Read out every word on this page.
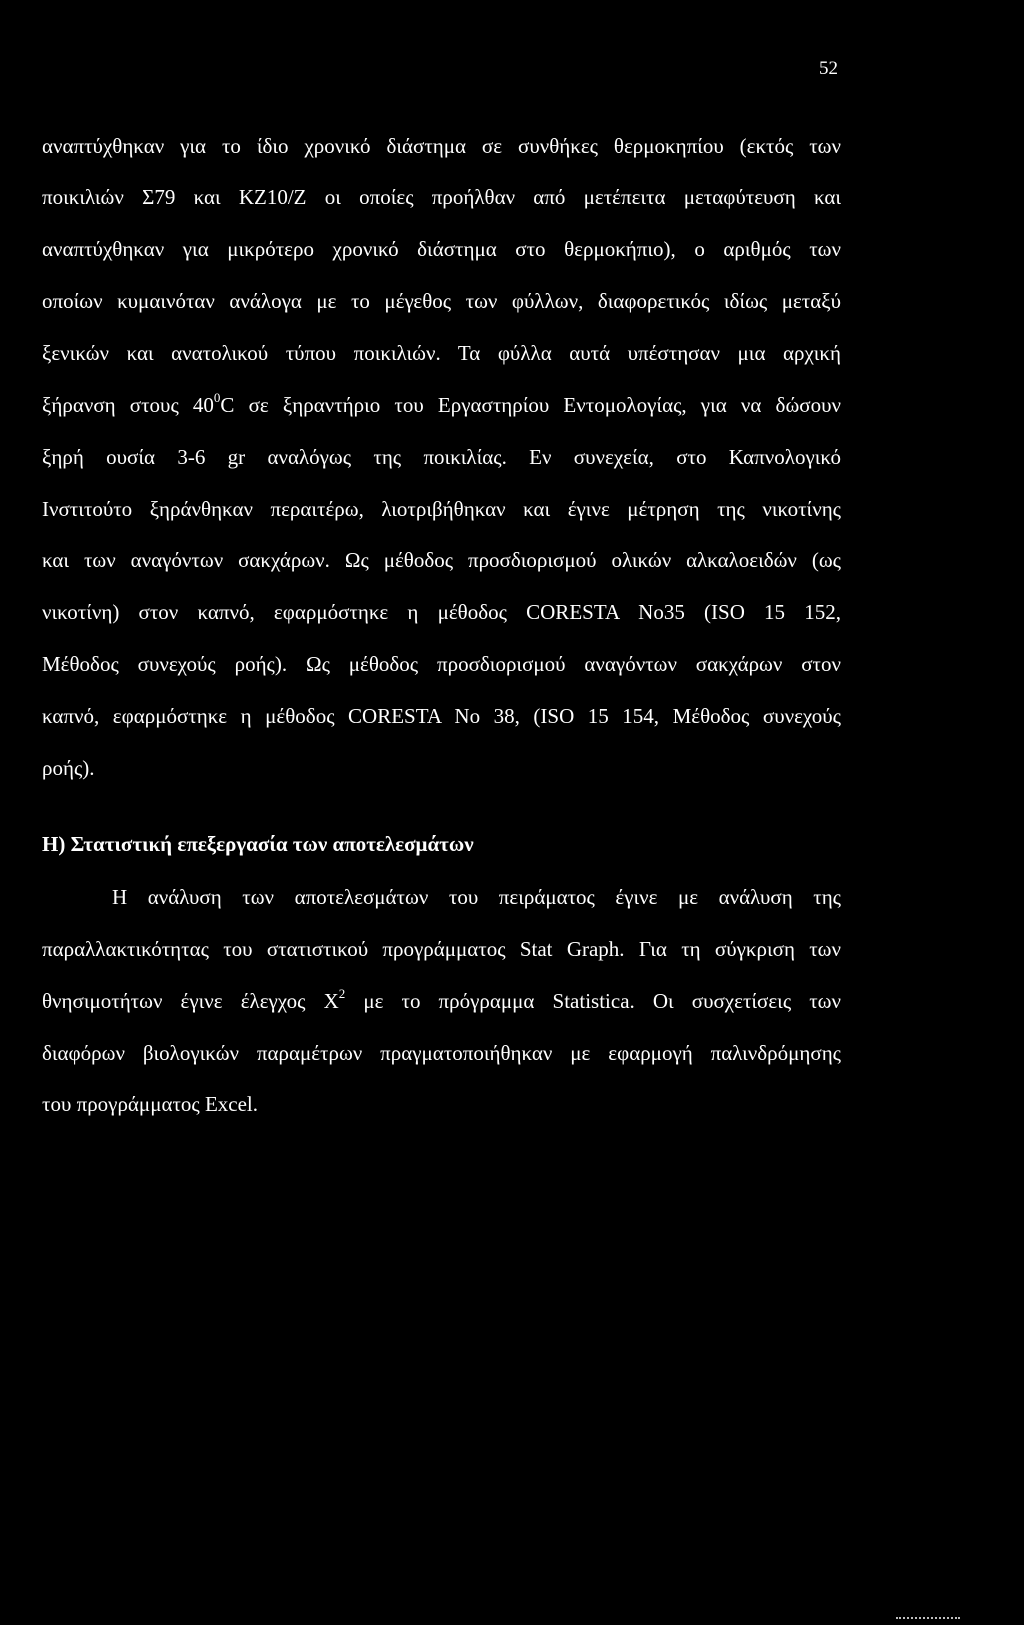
52
αναπτύχθηκαν για το ίδιο χρονικό διάστημα σε συνθήκες θερμοκηπίου (εκτός των
ποικιλιών Σ79 και ΚΖ10/Ζ οι οποίες προήλθαν από μετέπειτα μεταφύτευση και
αναπτύχθηκαν για μικρότερο χρονικό διάστημα στο θερμοκήπιο), ο αριθμός των
οποίων κυμαινόταν ανάλογα με το μέγεθος των φύλλων, διαφορετικός ιδίως μεταξύ
ξενικών και ανατολικού τύπου ποικιλιών. Τα φύλλα αυτά υπέστησαν μια αρχική
ξήρανση στους $40^0C$ σε ξηραντήριο του Εργαστηρίου Εντομολογίας, για να δώσουν
ξηρή ουσία 3-6 gr αναλόγως της ποικιλίας. Εν συνεχεία, στο Καπνολογικό
Ινστιτούτο ξηράνθηκαν περαιτέρω, λιοτριβήθηκαν και έγινε μέτρηση της νικοτίνης
και των αναγόντων σακχάρων. Ως μέθοδος προσδιορισμού ολικών αλκαλοειδών (ως
νικοτίνη) στον καπνό, εφαρμόστηκε η μέθοδος CORESTA Νο35 (ISO 15 152,
Μέθοδος συνεχούς ροής). Ως μέθοδος προσδιορισμού αναγόντων σακχάρων στον
καπνό, εφαρμόστηκε η μέθοδος CORESTA Νο 38, (ISO 15 154, Μέθοδος συνεχούς
ροής).
Η) Στατιστική επεξεργασία των αποτελεσμάτων
Η ανάλυση των αποτελεσμάτων του πειράματος έγινε με ανάλυση της
παραλλακτικότητας του στατιστικού προγράμματος Stat Graph. Για τη σύγκριση των
θνησιμοτήτων έγινε έλεγχος $X^2$ με το πρόγραμμα Statistica. Οι συσχετίσεις των
διαφόρων βιολογικών παραμέτρων πραγματοποιήθηκαν με εφαρμογή παλινδρόμησης
του προγράμματος Excel.
